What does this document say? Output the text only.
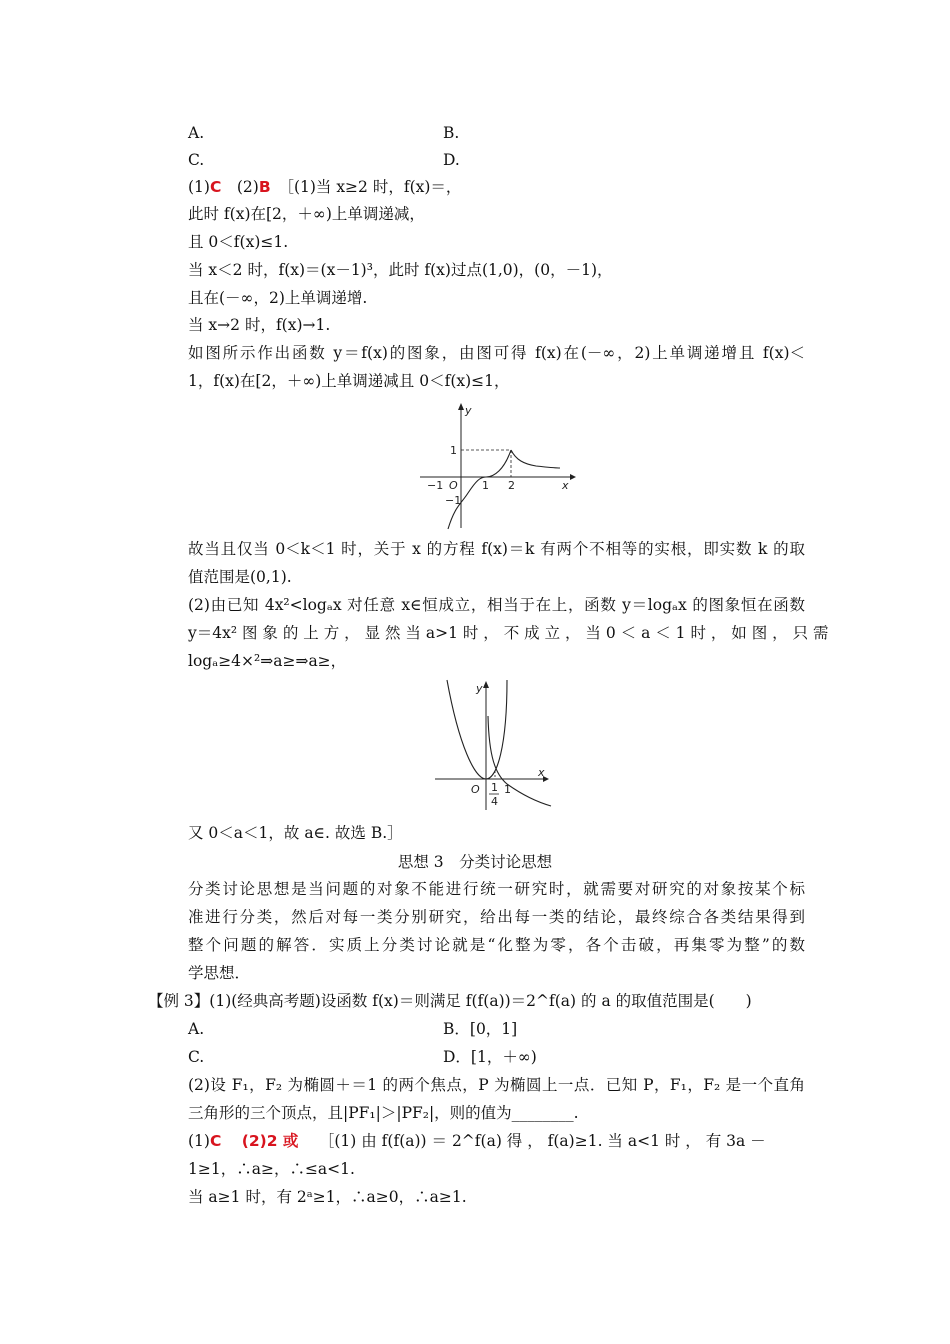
A.	B.
C.	D.
(1)C　 (2)B　 ［(1)当 x≥2 时，f(x)＝，
此时 f(x)在[2，＋∞)上单调递减，
且 0＜f(x)≤1.
当 x＜2 时，f(x)＝(x－1)³，此时 f(x)过点(1,0)，(0，－1)，
且在(－∞，2)上单调递增.
当 x→2 时，f(x)→1.
如图所示作出函数 y＝f(x)的图象，由图可得 f(x)在(－∞，2)上单调递增且 f(x)＜
1，f(x)在[2，＋∞)上单调递减且 0＜f(x)≤1，
y
x
O
−1	1 2
1
−1
故当且仅当 0＜k＜1 时，关于 x 的方程 f(x)＝k 有两个不相等的实根，即实数 k 的取
值范围是(0,1).
(2)由已知 4x²<logₐx 对任意 x∈恒成立，相当于在上，函数 y＝logₐx 的图象恒在函数
y＝4x² 图 象 的 上 方 ， 显 然 当 a>1 时 ， 不 成 立 ， 当 0 ＜ a ＜ 1 时 ， 如 图 ， 只 需
logₐ≥4×²⇒a≥⇒a≥，
y
x
O 1
4
1
又 0＜a＜1，故 a∈. 故选 B.］
思想 3　分类讨论思想
分类讨论思想是当问题的对象不能进行统一研究时，就需要对研究的对象按某个标
准进行分类，然后对每一类分别研究，给出每一类的结论，最终综合各类结果得到
整个问题的解答．实质上分类讨论就是“化整为零，各个击破，再集零为整”的数
学思想．
【例 3】(1)(经典高考题)设函数 f(x)＝则满足 f(f(a))＝2^f(a) 的 a 的取值范围是(　　)
A.	B．[0，1]
C.	D．[1，＋∞)
(2)设 F₁，F₂ 为椭圆＋＝1 的两个焦点，P 为椭圆上一点．已知 P，F₁，F₂ 是一个直角
三角形的三个顶点，且|PF₁|＞|PF₂|，则的值为________.
(1)C　 (2)2 或　 ［(1) 由 f(f(a)) ＝ 2^f(a) 得 ， f(a)≥1. 当 a<1 时 ， 有 3a －
1≥1，∴a≥，∴≤a<1.
当 a≥1 时，有 2ᵃ≥1，∴a≥0，∴a≥1.
